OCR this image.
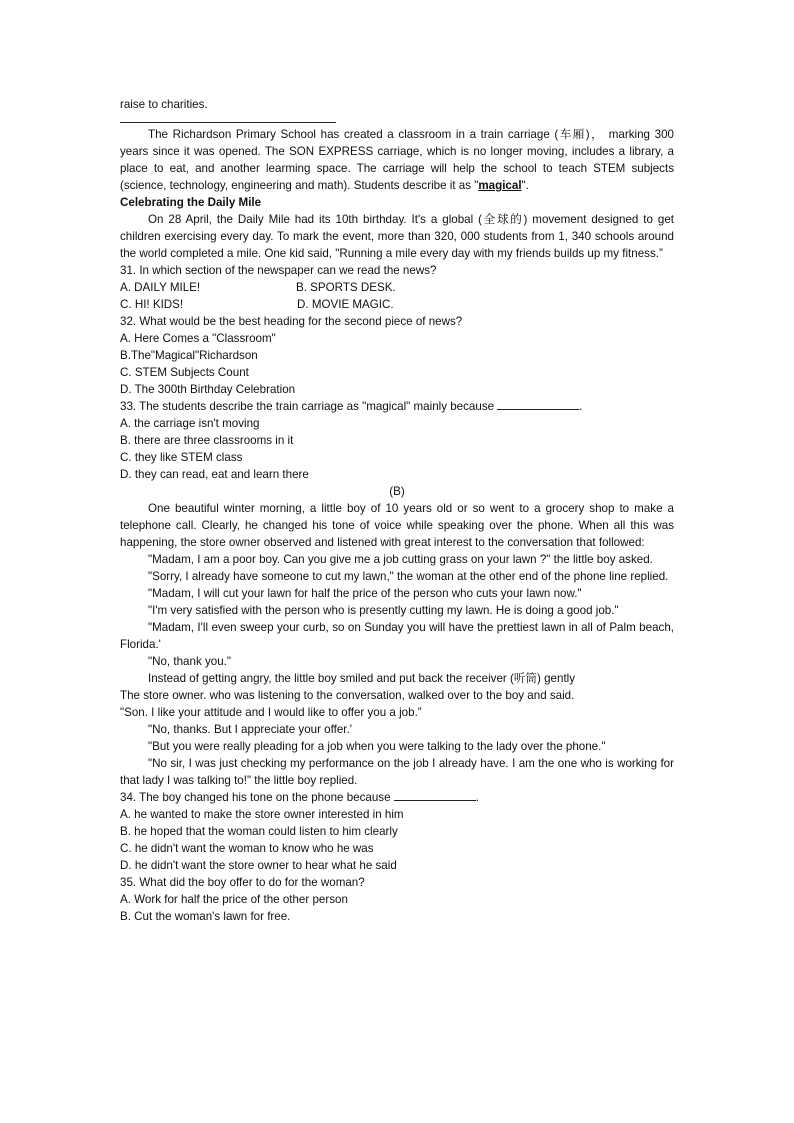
raise to charities.

The Richardson Primary School has created a classroom in a train carriage (车厢)， marking 300 years since it was opened. The SON EXPRESS carriage, which is no longer moving, includes a library, a place to eat, and another learming space. The carriage will help the school to teach STEM subjects (science, technology, engineering and math). Students describe it as "magical".

Celebrating the Daily Mile

On 28 April, the Daily Mile had its 10th birthday. It's a global (全球的) movement designed to get children exercising every day. To mark the event, more than 320, 000 students from 1, 340 schools around the world completed a mile. One kid said, "Running a mile every day with my friends builds up my fitness.”

31. In which section of the newspaper can we read the news?

A. DAILY MILE!	B. SPORTS DESK.
C. HI! KIDS!	D. MOVIE MAGIC.

32. What would be the best heading for the second piece of news?

A. Here Comes a "Classroom"

B.The"Magical"Richardson

C. STEM Subjects Count

D. The 300th Birthday Celebration

33. The students describe the train carriage as "magical" mainly because	.

A. the carriage isn't moving

B. there are three classrooms in it

C. they like STEM class

D. they can read, eat and learn there

(B)

One beautiful winter morning, a little boy of 10 years old or so went to a grocery shop to make a telephone call. Clearly, he changed his tone of voice while speaking over the phone. When all this was happening, the store owner observed and listened with great interest to the conversation that followed:

"Madam, I am a poor boy. Can you give me a job cutting grass on your lawn ?" the little boy asked.

"Sorry, I already have someone to cut my lawn," the woman at the other end of the phone line replied.

"Madam, I will cut your lawn for half the price of the person who cuts your lawn now."

"I'm very satisfied with the person who is presently cutting my lawn. He is doing a good job."

"Madam, I'll even sweep your curb, so on Sunday you will have the prettiest lawn in all of Palm beach, Florida.'

"No, thank you."

Instead of getting angry, the little boy smiled and put back the receiver (听筒) gently

The store owner. who was listening to the conversation, walked over to the boy and said.

"Son. I like your attitude and I would like to offer you a job.”

"No, thanks. But I appreciate your offer.'

"But you were really pleading for a job when you were talking to the lady over the phone."

"No sir, I was just checking my performance on the job I already have. I am the one who is working for that lady I was talking to!" the little boy replied.

34. The boy changed his tone on the phone because	.

A. he wanted to make the store owner interested in him

B. he hoped that the woman could listen to him clearly

C. he didn't want the woman to know who he was

D. he didn't want the store owner to hear what he said

35. What did the boy offer to do for the woman?

A. Work for half the price of the other person

B. Cut the woman's lawn for free.
